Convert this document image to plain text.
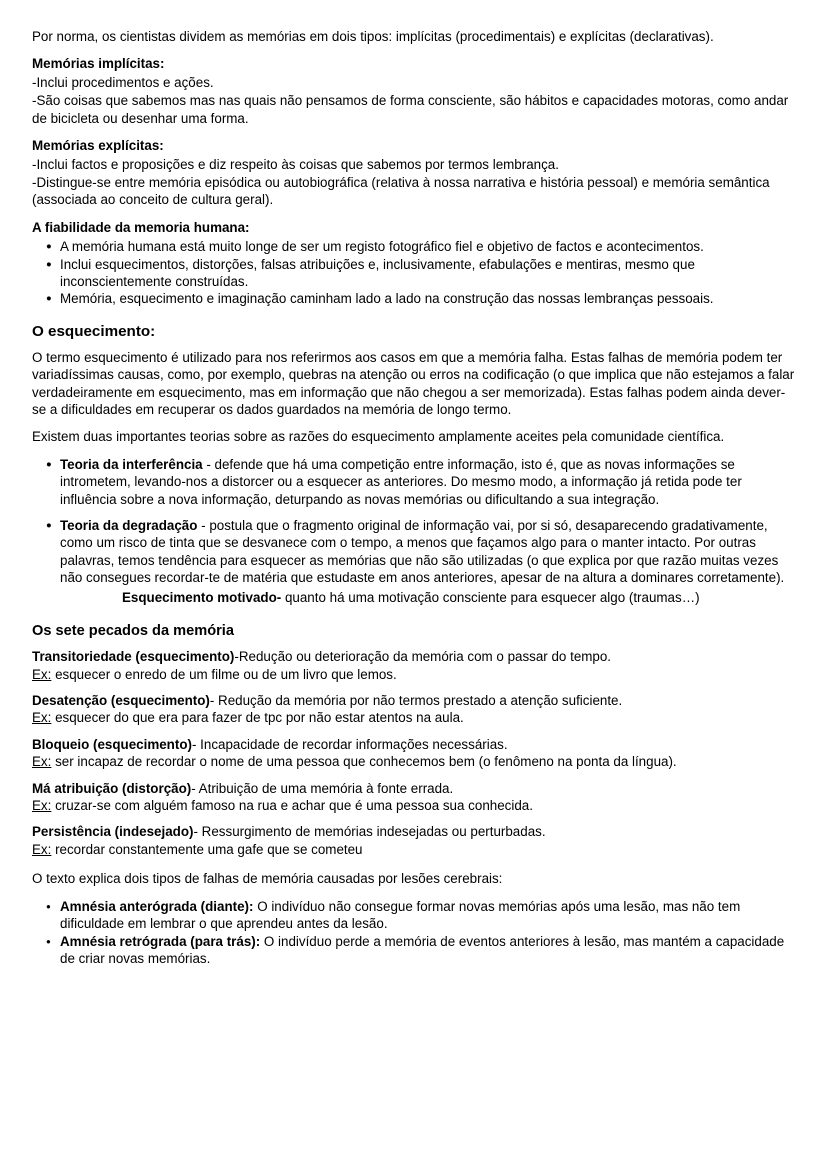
Por norma, os cientistas dividem as memórias em dois tipos: implícitas (procedimentais) e explícitas (declarativas).

Memórias implícitas:

-Inclui procedimentos e ações.

-São coisas que sabemos mas nas quais não pensamos de forma consciente, são hábitos e capacidades motoras, como andar de bicicleta ou desenhar uma forma.

Memórias explícitas:

-Inclui factos e proposições e diz respeito às coisas que sabemos por termos lembrança.

-Distingue-se entre memória episódica ou autobiográfica (relativa à nossa narrativa e história pessoal) e memória semântica (associada ao conceito de cultura geral).

A fiabilidade da memoria humana:

● A memória humana está muito longe de ser um registo fotográfico fiel e objetivo de factos e acontecimentos.
● Inclui esquecimentos, distorções, falsas atribuições e, inclusivamente, efabulações e mentiras, mesmo que inconscientemente construídas.
● Memória, esquecimento e imaginação caminham lado a lado na construção das nossas lembranças pessoais.

O esquecimento:

O termo esquecimento é utilizado para nos referirmos aos casos em que a memória falha. Estas falhas de memória podem ter variadíssimas causas, como, por exemplo, quebras na atenção ou erros na codificação (o que implica que não estejamos a falar verdadeiramente em esquecimento, mas em informação que não chegou a ser memorizada). Estas falhas podem ainda dever-se a dificuldades em recuperar os dados guardados na memória de longo termo.

Existem duas importantes teorias sobre as razões do esquecimento amplamente aceites pela comunidade científica.

● Teoria da interferência - defende que há uma competição entre informação, isto é, que as novas informações se intrometem, levando-nos a distorcer ou a esquecer as anteriores. Do mesmo modo, a informação já retida pode ter influência sobre a nova informação, deturpando as novas memórias ou dificultando a sua integração.
● Teoria da degradação - postula que o fragmento original de informação vai, por si só, desaparecendo gradativamente, como um risco de tinta que se desvanece com o tempo, a menos que façamos algo para o manter intacto. Por outras palavras, temos tendência para esquecer as memórias que não são utilizadas (o que explica por que razão muitas vezes não consegues recordar-te de matéria que estudaste em anos anteriores, apesar de na altura a dominares corretamente).
Esquecimento motivado- quanto há uma motivação consciente para esquecer algo (traumas…)

Os sete pecados da memória

Transitoriedade (esquecimento)-Redução ou deterioração da memória com o passar do tempo.

Ex: esquecer o enredo de um filme ou de um livro que lemos.

Desatenção (esquecimento)- Redução da memória por não termos prestado a atenção suficiente.

Ex: esquecer do que era para fazer de tpc por não estar atentos na aula.

Bloqueio (esquecimento)- Incapacidade de recordar informações necessárias.

Ex: ser incapaz de recordar o nome de uma pessoa que conhecemos bem (o fenômeno na ponta da língua).

Má atribuição (distorção)- Atribuição de uma memória à fonte errada.

Ex: cruzar-se com alguém famoso na rua e achar que é uma pessoa sua conhecida.

Persistência (indesejado)- Ressurgimento de memórias indesejadas ou perturbadas.

Ex: recordar constantemente uma gafe que se cometeu

O texto explica dois tipos de falhas de memória causadas por lesões cerebrais:

● Amnésia anterógrada (diante): O indivíduo não consegue formar novas memórias após uma lesão, mas não tem dificuldade em lembrar o que aprendeu antes da lesão.
● Amnésia retrógrada (para trás): O indivíduo perde a memória de eventos anteriores à lesão, mas mantém a capacidade de criar novas memórias.
